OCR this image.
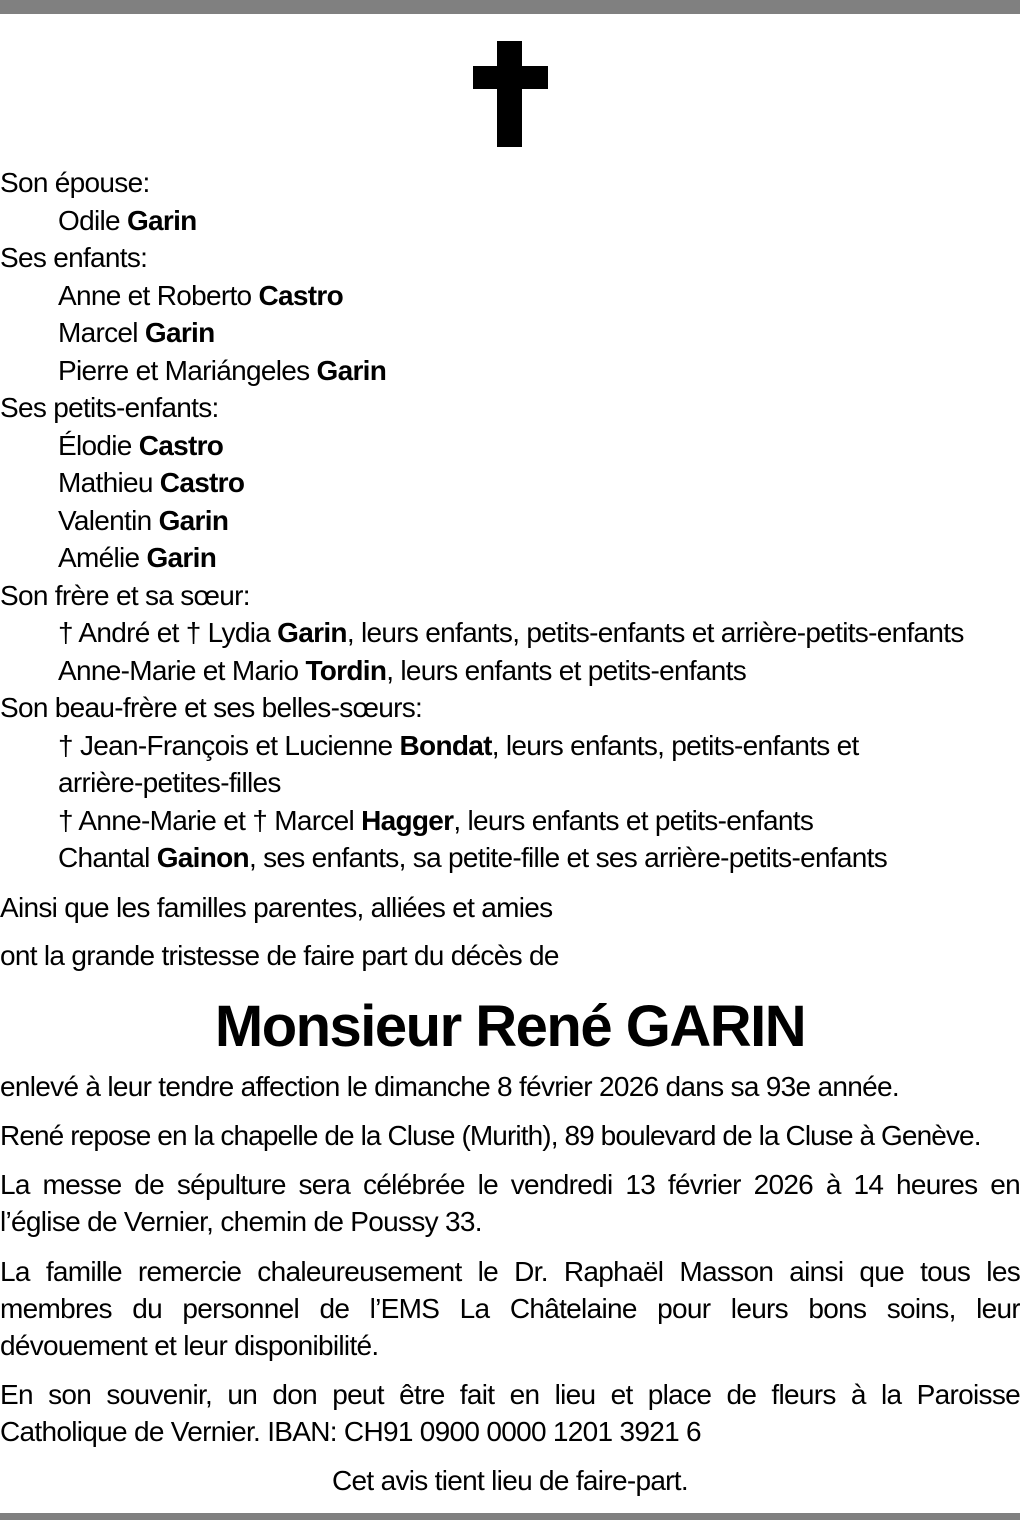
Son épouse:
Odile Garin
Ses enfants:
Anne et Roberto Castro
Marcel Garin
Pierre et Mariángeles Garin
Ses petits-enfants:
Élodie Castro
Mathieu Castro
Valentin Garin
Amélie Garin
Son frère et sa sœur:
† André et † Lydia Garin, leurs enfants, petits-enfants et arrière-petits-enfants
Anne-Marie et Mario Tordin, leurs enfants et petits-enfants
Son beau-frère et ses belles-sœurs:
† Jean-François et Lucienne Bondat, leurs enfants, petits-enfants et arrière-petites-filles
† Anne-Marie et † Marcel Hagger, leurs enfants et petits-enfants
Chantal Gainon, ses enfants, sa petite-fille et ses arrière-petits-enfants
Ainsi que les familles parentes, alliées et amies
ont la grande tristesse de faire part du décès de
Monsieur René GARIN
enlevé à leur tendre affection le dimanche 8 février 2026 dans sa 93e année.
René repose en la chapelle de la Cluse (Murith), 89 boulevard de la Cluse à Genève.
La messe de sépulture sera célébrée le vendredi 13 février 2026 à 14 heures en l’église de Vernier, chemin de Poussy 33.
La famille remercie chaleureusement le Dr. Raphaël Masson ainsi que tous les membres du personnel de l’EMS La Châtelaine pour leurs bons soins, leur dévouement et leur disponibilité.
En son souvenir, un don peut être fait en lieu et place de fleurs à la Paroisse Catholique de Vernier. IBAN: CH91 0900 0000 1201 3921 6
Cet avis tient lieu de faire-part.
